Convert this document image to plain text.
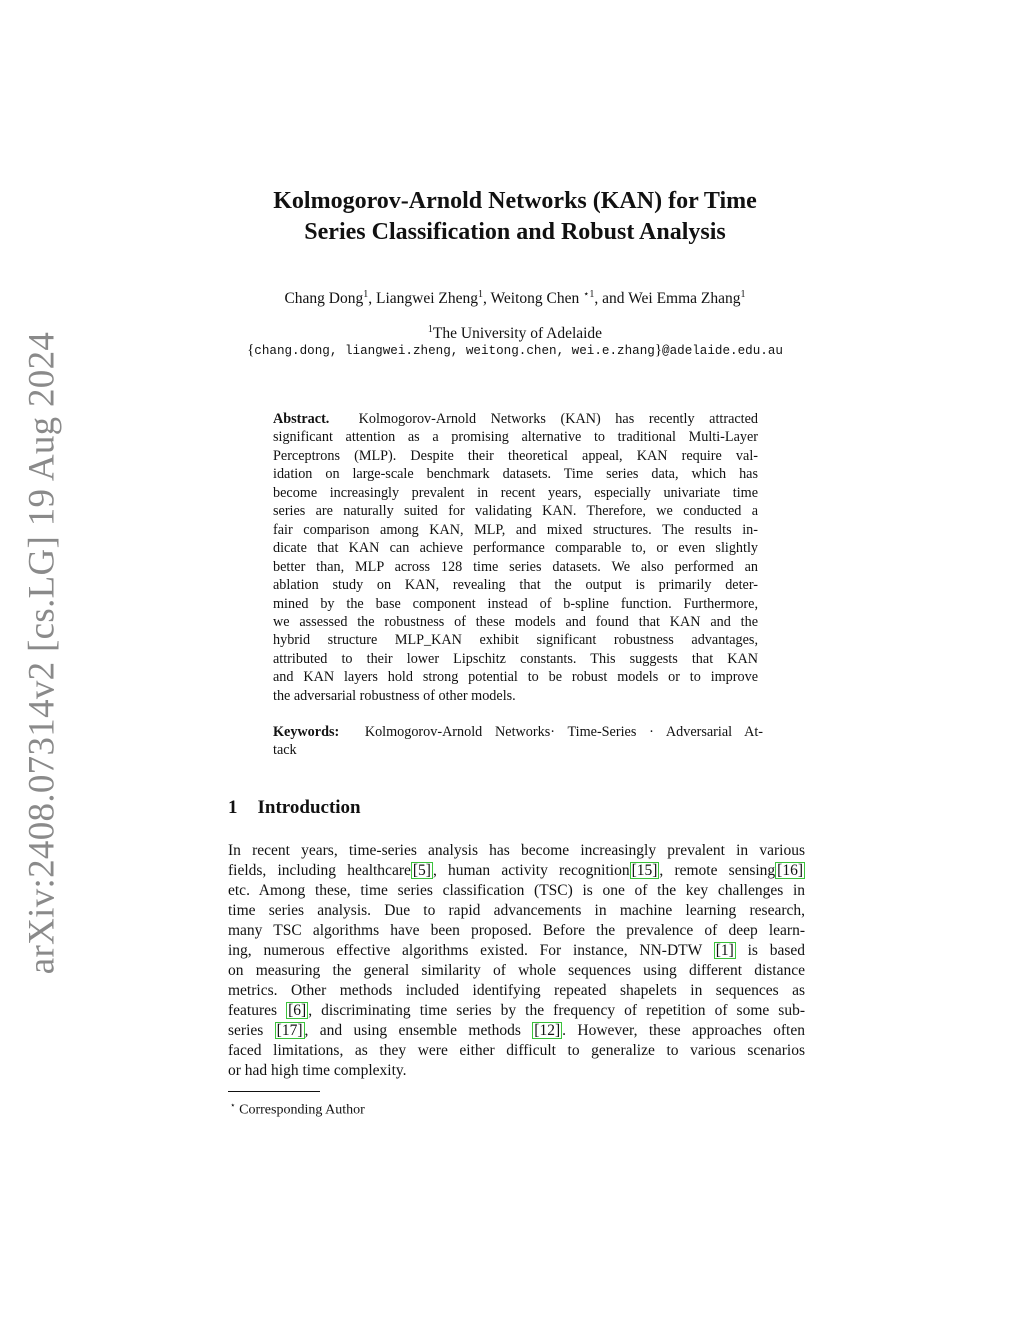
arXiv:2408.07314v2 [cs.LG] 19 Aug 2024
Kolmogorov-Arnold Networks (KAN) for Time
Series Classification and Robust Analysis
Chang Dong$^1$, Liangwei Zheng$^1$, Weitong Chen $^{⋆1}$, and Wei Emma Zhang$^1$
$^1$The University of Adelaide
{chang.dong, liangwei.zheng, weitong.chen, wei.e.zhang}@adelaide.edu.au
Abstract. Kolmogorov-Arnold Networks (KAN) has recently attracted
significant attention as a promising alternative to traditional Multi-Layer
Perceptrons (MLP). Despite their theoretical appeal, KAN require val-
idation on large-scale benchmark datasets. Time series data, which has
become increasingly prevalent in recent years, especially univariate time
series are naturally suited for validating KAN. Therefore, we conducted a
fair comparison among KAN, MLP, and mixed structures. The results in-
dicate that KAN can achieve performance comparable to, or even slightly
better than, MLP across 128 time series datasets. We also performed an
ablation study on KAN, revealing that the output is primarily deter-
mined by the base component instead of b-spline function. Furthermore,
we assessed the robustness of these models and found that KAN and the
hybrid structure MLP_KAN exhibit significant robustness advantages,
attributed to their lower Lipschitz constants. This suggests that KAN
and KAN layers hold strong potential to be robust models or to improve
the adversarial robustness of other models.
Keywords: Kolmogorov-Arnold Networks· Time-Series · Adversarial At-
tack
1 Introduction
In recent years, time-series analysis has become increasingly prevalent in various
fields, including healthcare [5] , human activity recognition [15] , remote sensing [16]
etc. Among these, time series classification (TSC) is one of the key challenges in
time series analysis. Due to rapid advancements in machine learning research,
many TSC algorithms have been proposed. Before the prevalence of deep learn-
ing, numerous effective algorithms existed. For instance, NN-DTW [1] is based
on measuring the general similarity of whole sequences using different distance
metrics. Other methods included identifying repeated shapelets in sequences as
features [6] , discriminating time series by the frequency of repetition of some sub-
series [17] , and using ensemble methods [12] . However, these approaches often
faced limitations, as they were either difficult to generalize to various scenarios
or had high time complexity.
⋆ Corresponding Author
